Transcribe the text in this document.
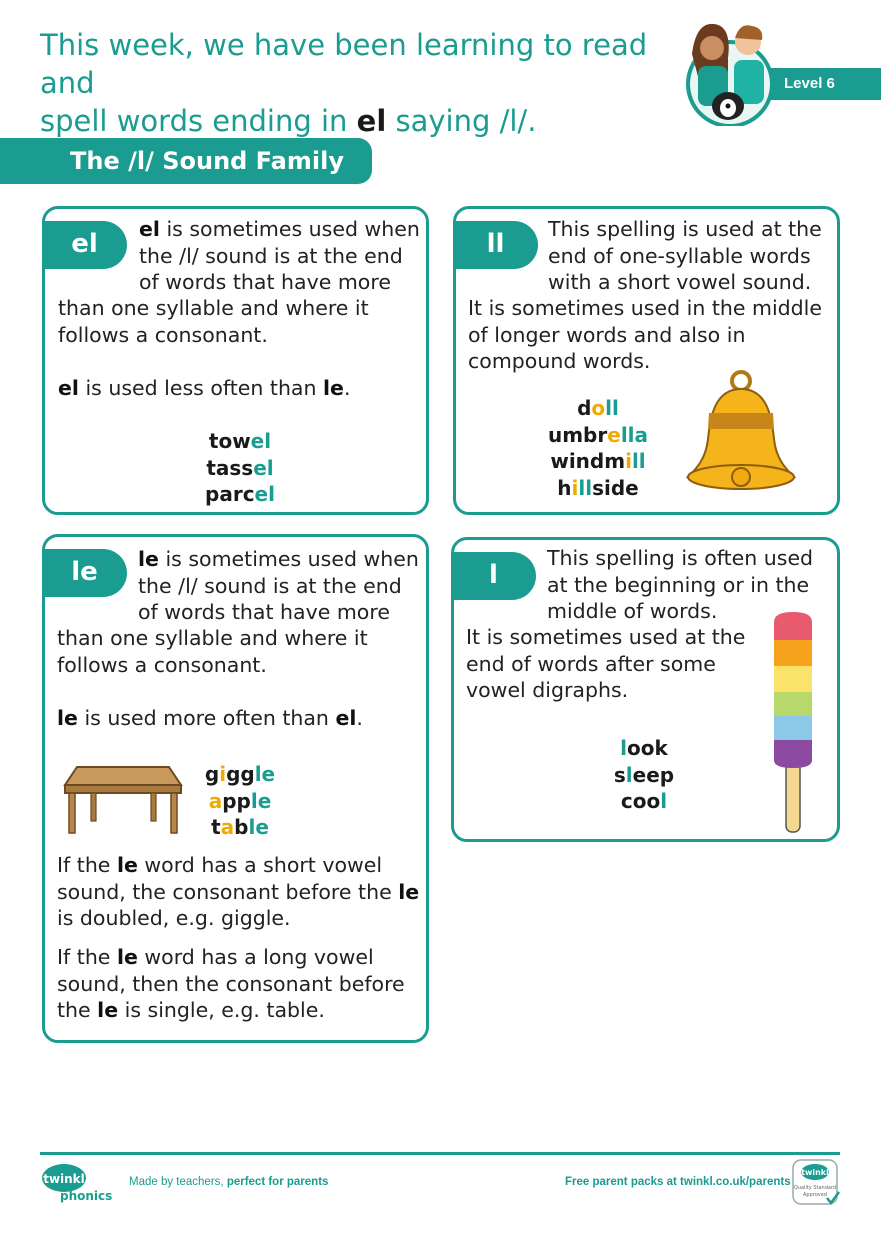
This week, we have been learning to read and
spell words ending in el saying /l/.
Level 6
The /l/ Sound Family
el	el is sometimes used when
the /l/ sound is at the end
of words that have more
than one syllable and where it
follows a consonant.
el is used less often than le.
towel
tassel
parcel
ll	This spelling is used at the
end of one-syllable words
with a short vowel sound.
It is sometimes used in the middle
of longer words and also in
compound words.
doll
umbrella
windmill
hillside
le	le is sometimes used when
the /l/ sound is at the end
of words that have more
than one syllable and where it
follows a consonant.
le is used more often than el.
giggle
apple
table
If the le word has a short vowel
sound, the consonant before the le
is doubled, e.g. giggle.
If the le word has a long vowel
sound, then the consonant before
the le is single, e.g. table.
l
This spelling is often used
at the beginning or in the
middle of words.
It is sometimes used at the
end of words after some
vowel digraphs.
look
sleep
cool
twinkl
phonics
Made by teachers, perfect for parents	Free parent packs at twinkl.co.uk/parents
twinkl
Quality Standard
Approved
